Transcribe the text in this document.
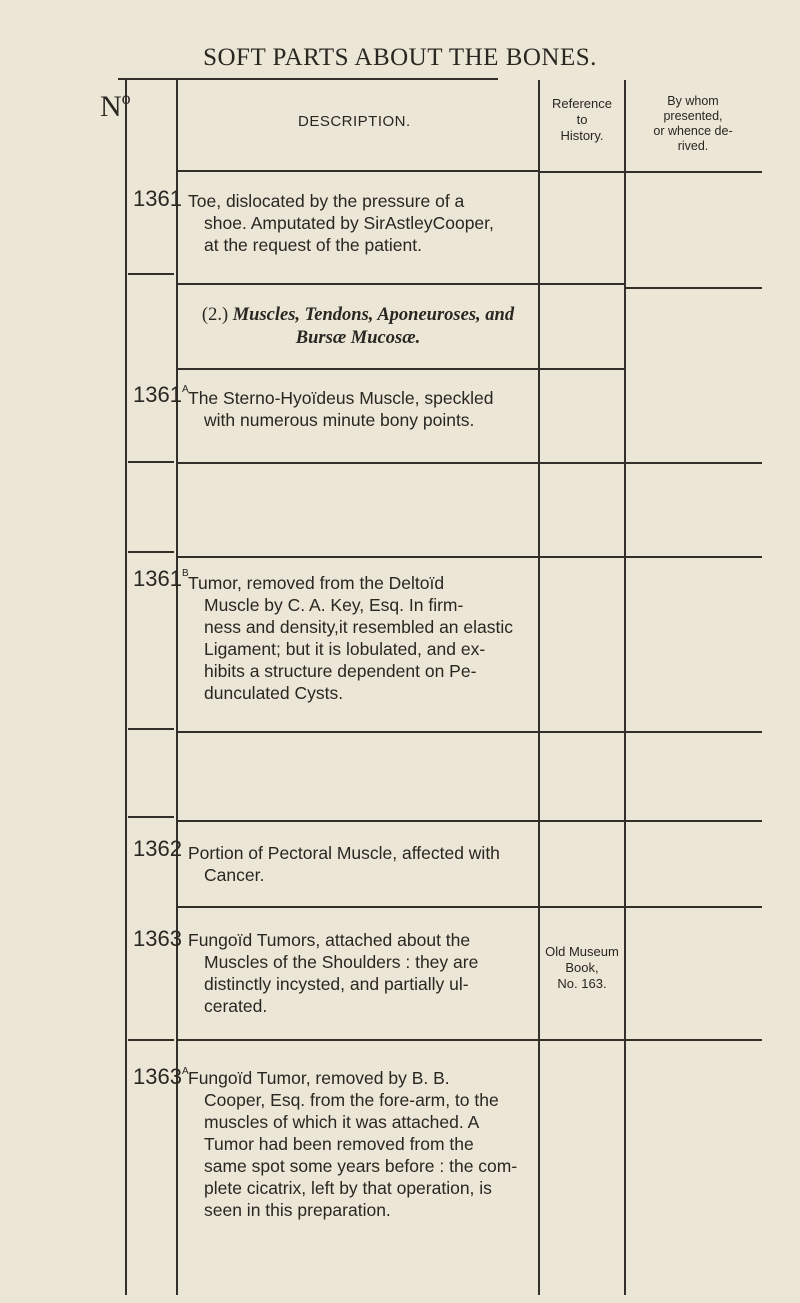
SOFT PARTS ABOUT THE BONES.
$N^o$
DESCRIPTION.
Reference
to
History.
By whom
presented,
or whence de-
rived.
1361 Toe, dislocated by the pressure of a
shoe. Amputated by SirAstleyCooper,
at the request of the patient.
(2.) Muscles, Tendons, Aponeuroses, and
Bursæ Mucosæ.
$1361^A$ The Sterno-Hyoïdeus Muscle, speckled
with numerous minute bony points.
$1361^B$ Tumor, removed from the Deltoïd
Muscle by C. A. Key, Esq. In firm-
ness and density,it resembled an elastic
Ligament; but it is lobulated, and ex-
hibits a structure dependent on Pe-
dunculated Cysts.
1362 Portion of Pectoral Muscle, affected with
Cancer.
1363 Fungoïd Tumors, attached about the
Muscles of the Shoulders : they are
distinctly incysted, and partially ul-
cerated.
Old Museum
Book,
No. 163.
$1363^A$ Fungoïd Tumor, removed by B. B.
Cooper, Esq. from the fore-arm, to the
muscles of which it was attached. A
Tumor had been removed from the
same spot some years before : the com-
plete cicatrix, left by that operation, is
seen in this preparation.
